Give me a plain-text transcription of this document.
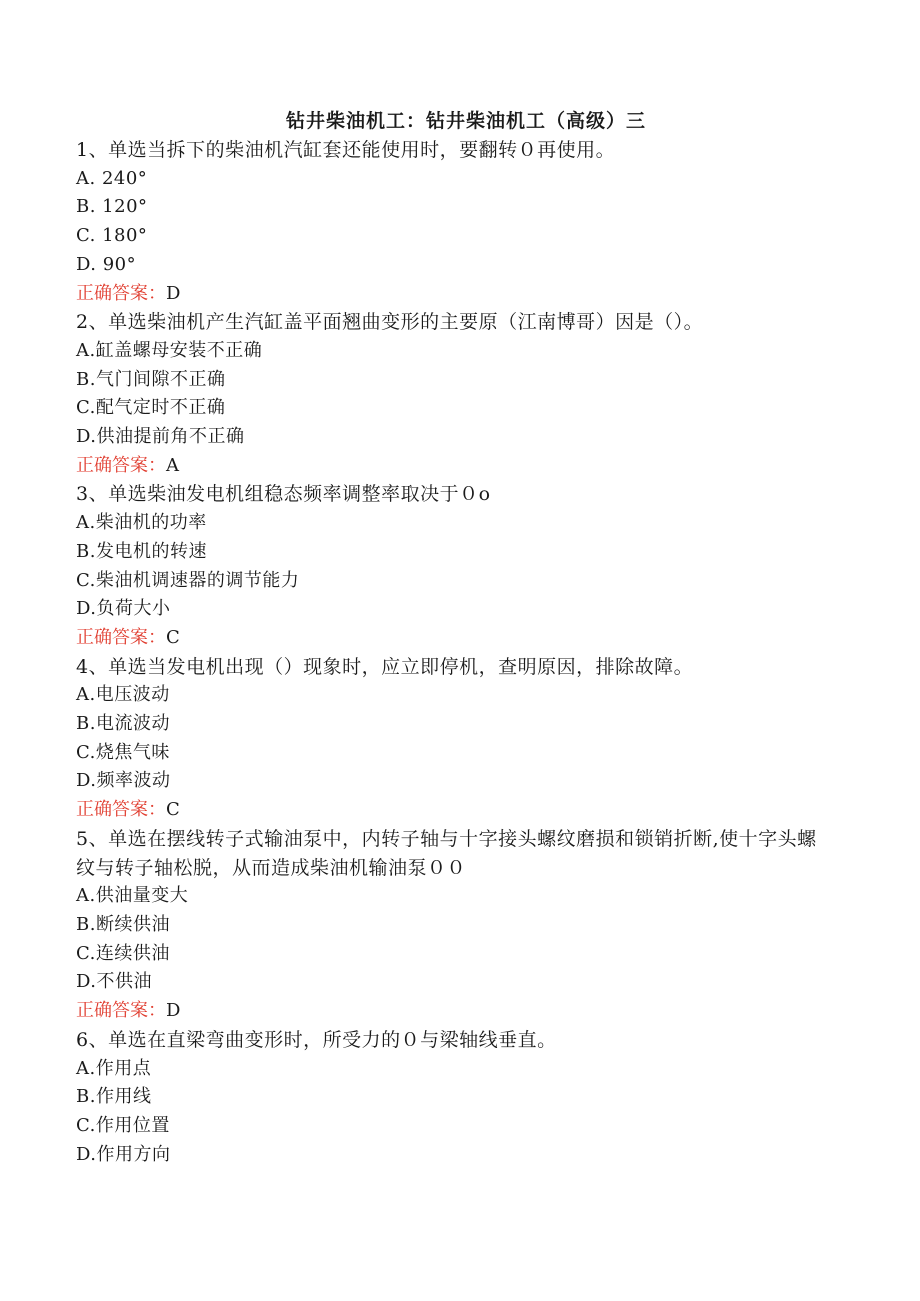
钻井柴油机工：钻井柴油机工（高级）三

1、单选当拆下的柴油机汽缸套还能使用时，要翻转０再使用。

A. 240°

B. 120°

C. 180°

D. 90°

正确答案：D

2、单选柴油机产生汽缸盖平面翘曲变形的主要原（江南博哥）因是（）。

A.缸盖螺母安装不正确

B.气门间隙不正确

C.配气定时不正确

D.供油提前角不正确

正确答案：A

3、单选柴油发电机组稳态频率调整率取决于０o

A.柴油机的功率

B.发电机的转速

C.柴油机调速器的调节能力

D.负荷大小

正确答案：C

4、单选当发电机出现（）现象时，应立即停机，查明原因，排除故障。

A.电压波动

B.电流波动

C.烧焦气味

D.频率波动

正确答案：C

5、单选在摆线转子式输油泵中，内转子轴与十字接头螺纹磨损和锁销折断,使十字头螺纹与转子轴松脱，从而造成柴油机输油泵００

A.供油量变大

B.断续供油

C.连续供油

D.不供油

正确答案：D

6、单选在直梁弯曲变形时，所受力的０与梁轴线垂直。

A.作用点

B.作用线

C.作用位置

D.作用方向
